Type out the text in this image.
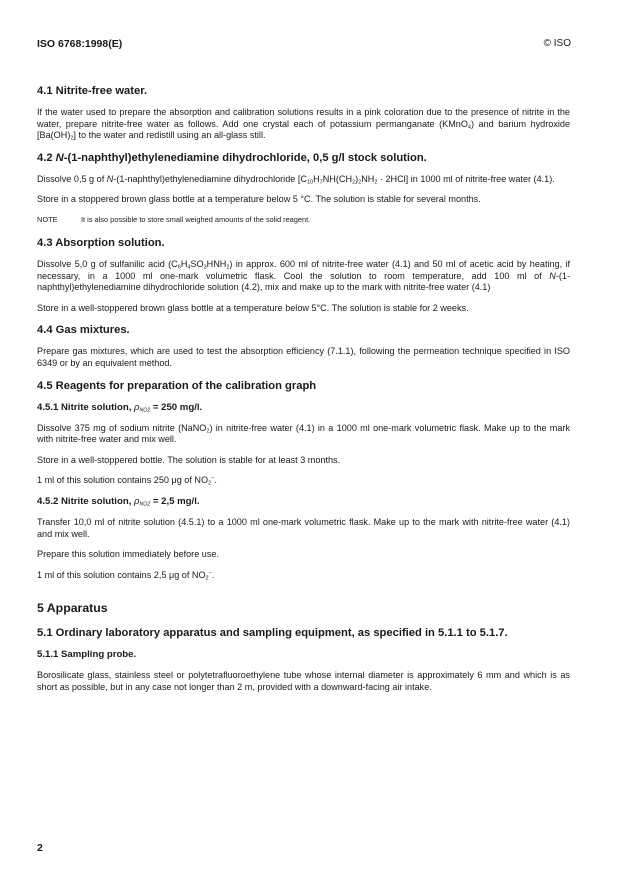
ISO 6768:1998(E)	© ISO
4.1 Nitrite-free water.

If the water used to prepare the absorption and calibration solutions results in a pink coloration due to the presence of nitrite in the water, prepare nitrite-free water as follows. Add one crystal each of potassium permanganate (KMnO$_4$) and barium hydroxide $[Ba(OH)_2]$ to the water and redistill using an all-glass still.

4.2 N-(1-naphthyl)ethylenediamine dihydrochloride, 0,5 g/l stock solution.

Dissolve 0,5 g of N-(1-naphthyl)ethylenediamine dihydrochloride $[C_{10}H_7NH(CH_2)_2NH_2 \cdot 2HCl]$ in 1000 ml of nitrite-free water (4.1).

Store in a stoppered brown glass bottle at a temperature below 5 °C. The solution is stable for several months.

NOTE	It is also possible to store small weighed amounts of the solid reagent.
4.3 Absorption solution.

Dissolve 5,0 g of sulfanilic acid $(C_6H_4SO_3HNH_2)$ in approx. 600 ml of nitrite-free water (4.1) and 50 ml of acetic acid by heating, if necessary, in a 1000 ml one-mark volumetric flask. Cool the solution to room temperature, add 100 ml of N-(1-naphthyl)ethylenediamine dihydrochloride solution (4.2), mix and make up to the mark with nitrite-free water (4.1)

Store in a well-stoppered brown glass bottle at a temperature below 5°C. The solution is stable for 2 weeks.

4.4 Gas mixtures.

Prepare gas mixtures, which are used to test the absorption efficiency (7.1.1), following the permeation technique specified in ISO 6349 or by an equivalent method.

4.5 Reagents for preparation of the calibration graph
4.5.1 Nitrite solution, $\rho_{NO2} = 250$ mg/l.

Dissolve 375 mg of sodium nitrite (NaNO$_2$) in nitrite-free water (4.1) in a 1000 ml one-mark volumetric flask. Make up to the mark with nitrite-free water and mix well.

Store in a well-stoppered bottle. The solution is stable for at least 3 months.

1 ml of this solution contains 250 μg of $NO_2^-$.

4.5.2 Nitrite solution, $\rho_{NO2} = 2,5$ mg/l.

Transfer 10,0 ml of nitrite solution (4.5.1) to a 1000 ml one-mark volumetric flask. Make up to the mark with nitrite-free water (4.1) and mix well.

Prepare this solution immediately before use.

1 ml of this solution contains 2,5 μg of $NO_2^-$.

5 Apparatus
5.1 Ordinary laboratory apparatus and sampling equipment, as specified in 5.1.1 to 5.1.7.
5.1.1 Sampling probe.

Borosilicate glass, stainless steel or polytetrafluoroethylene tube whose internal diameter is approximately 6 mm and which is as short as possible, but in any case not longer than 2 m, provided with a downward-facing air intake.

2
